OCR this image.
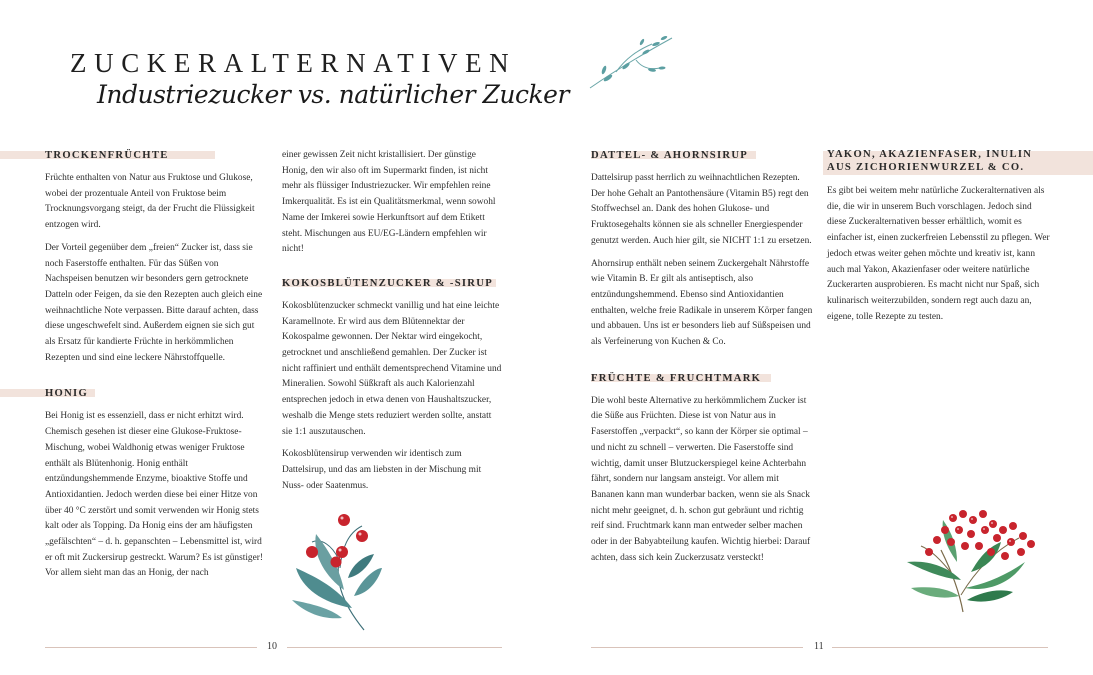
ZUCKERALTERNATIVEN
Industriezucker vs. natürlicher Zucker
TROCKENFRÜCHTE

Früchte enthalten von Natur aus Fruktose und Glukose, wobei der prozentuale Anteil von Fruktose beim Trocknungsvorgang steigt, da der Frucht die Flüssigkeit entzogen wird.

Der Vorteil gegenüber dem „freien“ Zucker ist, dass sie noch Faserstoffe enthalten. Für das Süßen von Nachspeisen benutzen wir besonders gern getrocknete Datteln oder Feigen, da sie den Rezepten auch gleich eine weihnachtliche Note verpassen. Bitte darauf achten, dass diese ungeschwefelt sind. Außerdem eignen sie sich gut als Ersatz für kandierte Früchte in herkömmlichen Rezepten und sind eine leckere Nährstoffquelle.

HONIG

Bei Honig ist es essenziell, dass er nicht erhitzt wird. Chemisch gesehen ist dieser eine Glukose-Fruktose-Mischung, wobei Waldhonig etwas weniger Fruktose enthält als Blütenhonig. Honig enthält entzündungshemmende Enzyme, bioaktive Stoffe und Antioxidantien. Jedoch werden diese bei einer Hitze von über 40 °C zerstört und somit verwenden wir Honig stets kalt oder als Topping. Da Honig eins der am häufigsten „gefälschten“ – d. h. gepanschten – Lebensmittel ist, wird er oft mit Zuckersirup gestreckt. Warum? Es ist günstiger! Vor allem sieht man das an Honig, der nach

einer gewissen Zeit nicht kristallisiert. Der günstige Honig, den wir also oft im Supermarkt finden, ist nicht mehr als flüssiger Industriezucker. Wir empfehlen reine Imkerqualität. Es ist ein Qualitätsmerkmal, wenn sowohl Name der Imkerei sowie Herkunftsort auf dem Etikett steht. Mischungen aus EU/EG-Ländern empfehlen wir nicht!

KOKOSBLÜTENZUCKER & -SIRUP

Kokosblütenzucker schmeckt vanillig und hat eine leichte Karamellnote. Er wird aus dem Blütennektar der Kokospalme gewonnen. Der Nektar wird eingekocht, getrocknet und anschließend gemahlen. Der Zucker ist nicht raffiniert und enthält dementsprechend Vitamine und Mineralien. Sowohl Süßkraft als auch Kalorienzahl entsprechen jedoch in etwa denen von Haushaltszucker, weshalb die Menge stets reduziert werden sollte, anstatt sie 1:1 auszutauschen.

Kokosblütensirup verwenden wir identisch zum Dattelsirup, und das am liebsten in der Mischung mit Nuss- oder Saatenmus.

10
DATTEL- & AHORNSIRUP

Dattelsirup passt herrlich zu weihnachtlichen Rezepten. Der hohe Gehalt an Pantothensäure (Vitamin B5) regt den Stoffwechsel an. Dank des hohen Glukose- und Fruktosegehalts können sie als schneller Energiespender genutzt werden. Auch hier gilt, sie NICHT 1:1 zu ersetzen.

Ahornsirup enthält neben seinem Zuckergehalt Nährstoffe wie Vitamin B. Er gilt als antiseptisch, also entzündungshemmend. Ebenso sind Antioxidantien enthalten, welche freie Radikale in unserem Körper fangen und abbauen. Uns ist er besonders lieb auf Süßspeisen und als Verfeinerung von Kuchen & Co.

FRÜCHTE & FRUCHTMARK

Die wohl beste Alternative zu herkömmlichem Zucker ist die Süße aus Früchten. Diese ist von Natur aus in Faserstoffen „verpackt“, so kann der Körper sie optimal – und nicht zu schnell – verwerten. Die Faserstoffe sind wichtig, damit unser Blutzuckerspiegel keine Achterbahn fährt, sondern nur langsam ansteigt. Vor allem mit Bananen kann man wunderbar backen, wenn sie als Snack nicht mehr geeignet, d. h. schon gut gebräunt und richtig reif sind. Fruchtmark kann man entweder selber machen oder in der Babyabteilung kaufen. Wichtig hierbei: Darauf achten, dass sich kein Zuckerzusatz versteckt!

YAKON, AKAZIENFASER, INULIN
AUS ZICHORIENWURZEL & CO.

Es gibt bei weitem mehr natürliche Zuckeralternativen als die, die wir in unserem Buch vorschlagen. Jedoch sind diese Zuckeralternativen besser erhältlich, womit es einfacher ist, einen zuckerfreien Lebensstil zu pflegen. Wer jedoch etwas weiter gehen möchte und kreativ ist, kann auch mal Yakon, Akazienfaser oder weitere natürliche Zuckerarten ausprobieren. Es macht nicht nur Spaß, sich kulinarisch weiterzubilden, sondern regt auch dazu an, eigene, tolle Rezepte zu testen.

11
